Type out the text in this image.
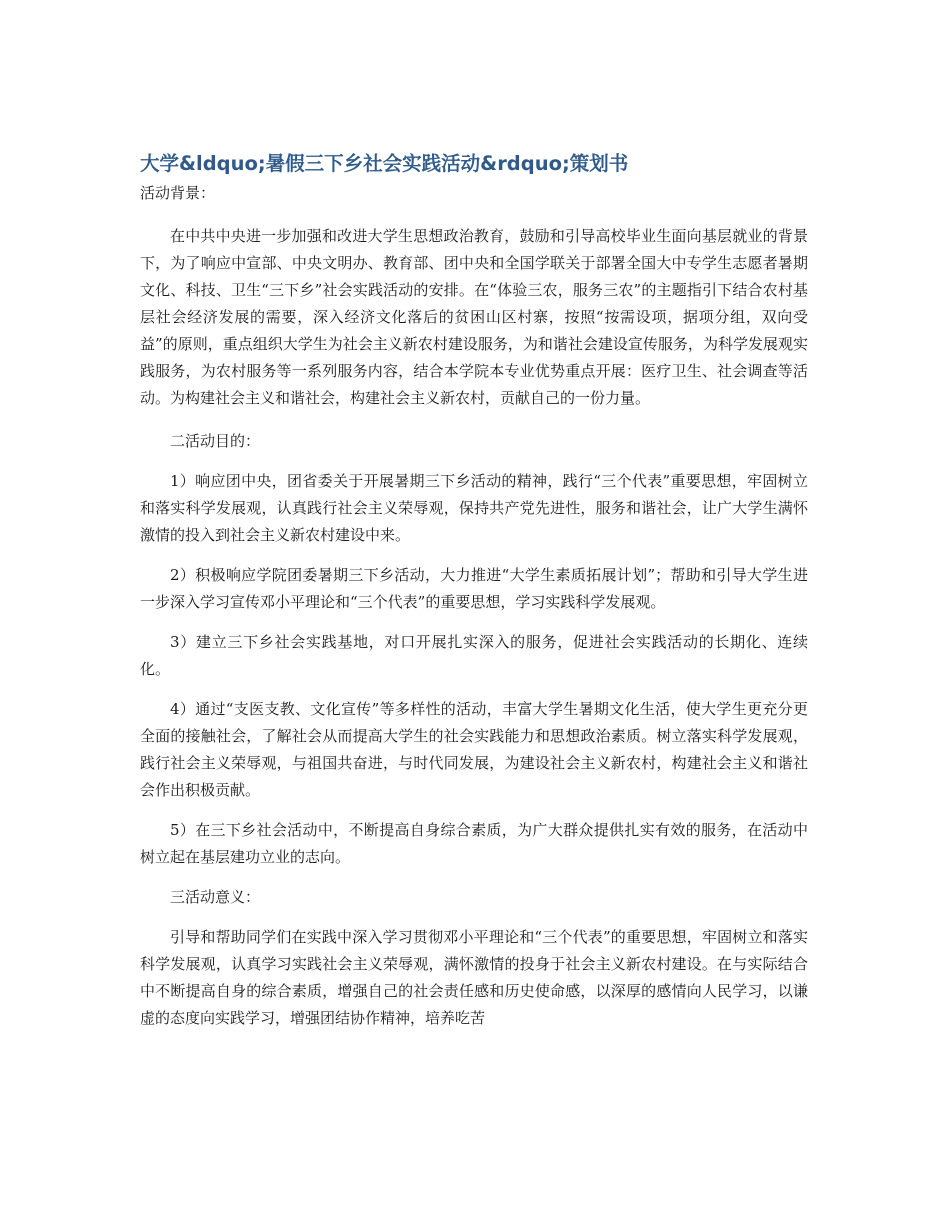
大学&ldquo;暑假三下乡社会实践活动&rdquo;策划书

活动背景：

在中共中央进一步加强和改进大学生思想政治教育，鼓励和引导高校毕业生面向基层就业的背景下，为了响应中宣部、中央文明办、教育部、团中央和全国学联关于部署全国大中专学生志愿者暑期文化、科技、卫生“三下乡”社会实践活动的安排。在“体验三农，服务三农”的主题指引下结合农村基层社会经济发展的需要，深入经济文化落后的贫困山区村寨，按照“按需设项，据项分组，双向受益”的原则，重点组织大学生为社会主义新农村建设服务，为和谐社会建设宣传服务，为科学发展观实践服务，为农村服务等一系列服务内容，结合本学院本专业优势重点开展：医疗卫生、社会调查等活动。为构建社会主义和谐社会，构建社会主义新农村，贡献自己的一份力量。

二活动目的：

1）响应团中央，团省委关于开展暑期三下乡活动的精神，践行“三个代表”重要思想，牢固树立和落实科学发展观，认真践行社会主义荣辱观，保持共产党先进性，服务和谐社会，让广大学生满怀激情的投入到社会主义新农村建设中来。

2）积极响应学院团委暑期三下乡活动，大力推进“大学生素质拓展计划”；帮助和引导大学生进一步深入学习宣传邓小平理论和“三个代表”的重要思想，学习实践科学发展观。

3）建立三下乡社会实践基地，对口开展扎实深入的服务，促进社会实践活动的长期化、连续化。

4）通过“支医支教、文化宣传”等多样性的活动，丰富大学生暑期文化生活，使大学生更充分更全面的接触社会，了解社会从而提高大学生的社会实践能力和思想政治素质。树立落实科学发展观，践行社会主义荣辱观，与祖国共奋进，与时代同发展，为建设社会主义新农村，构建社会主义和谐社会作出积极贡献。

5）在三下乡社会活动中，不断提高自身综合素质，为广大群众提供扎实有效的服务，在活动中树立起在基层建功立业的志向。

三活动意义：

引导和帮助同学们在实践中深入学习贯彻邓小平理论和“三个代表”的重要思想，牢固树立和落实科学发展观，认真学习实践社会主义荣辱观，满怀激情的投身于社会主义新农村建设。在与实际结合中不断提高自身的综合素质，增强自己的社会责任感和历史使命感，以深厚的感情向人民学习，以谦虚的态度向实践学习，增强团结协作精神，培养吃苦
